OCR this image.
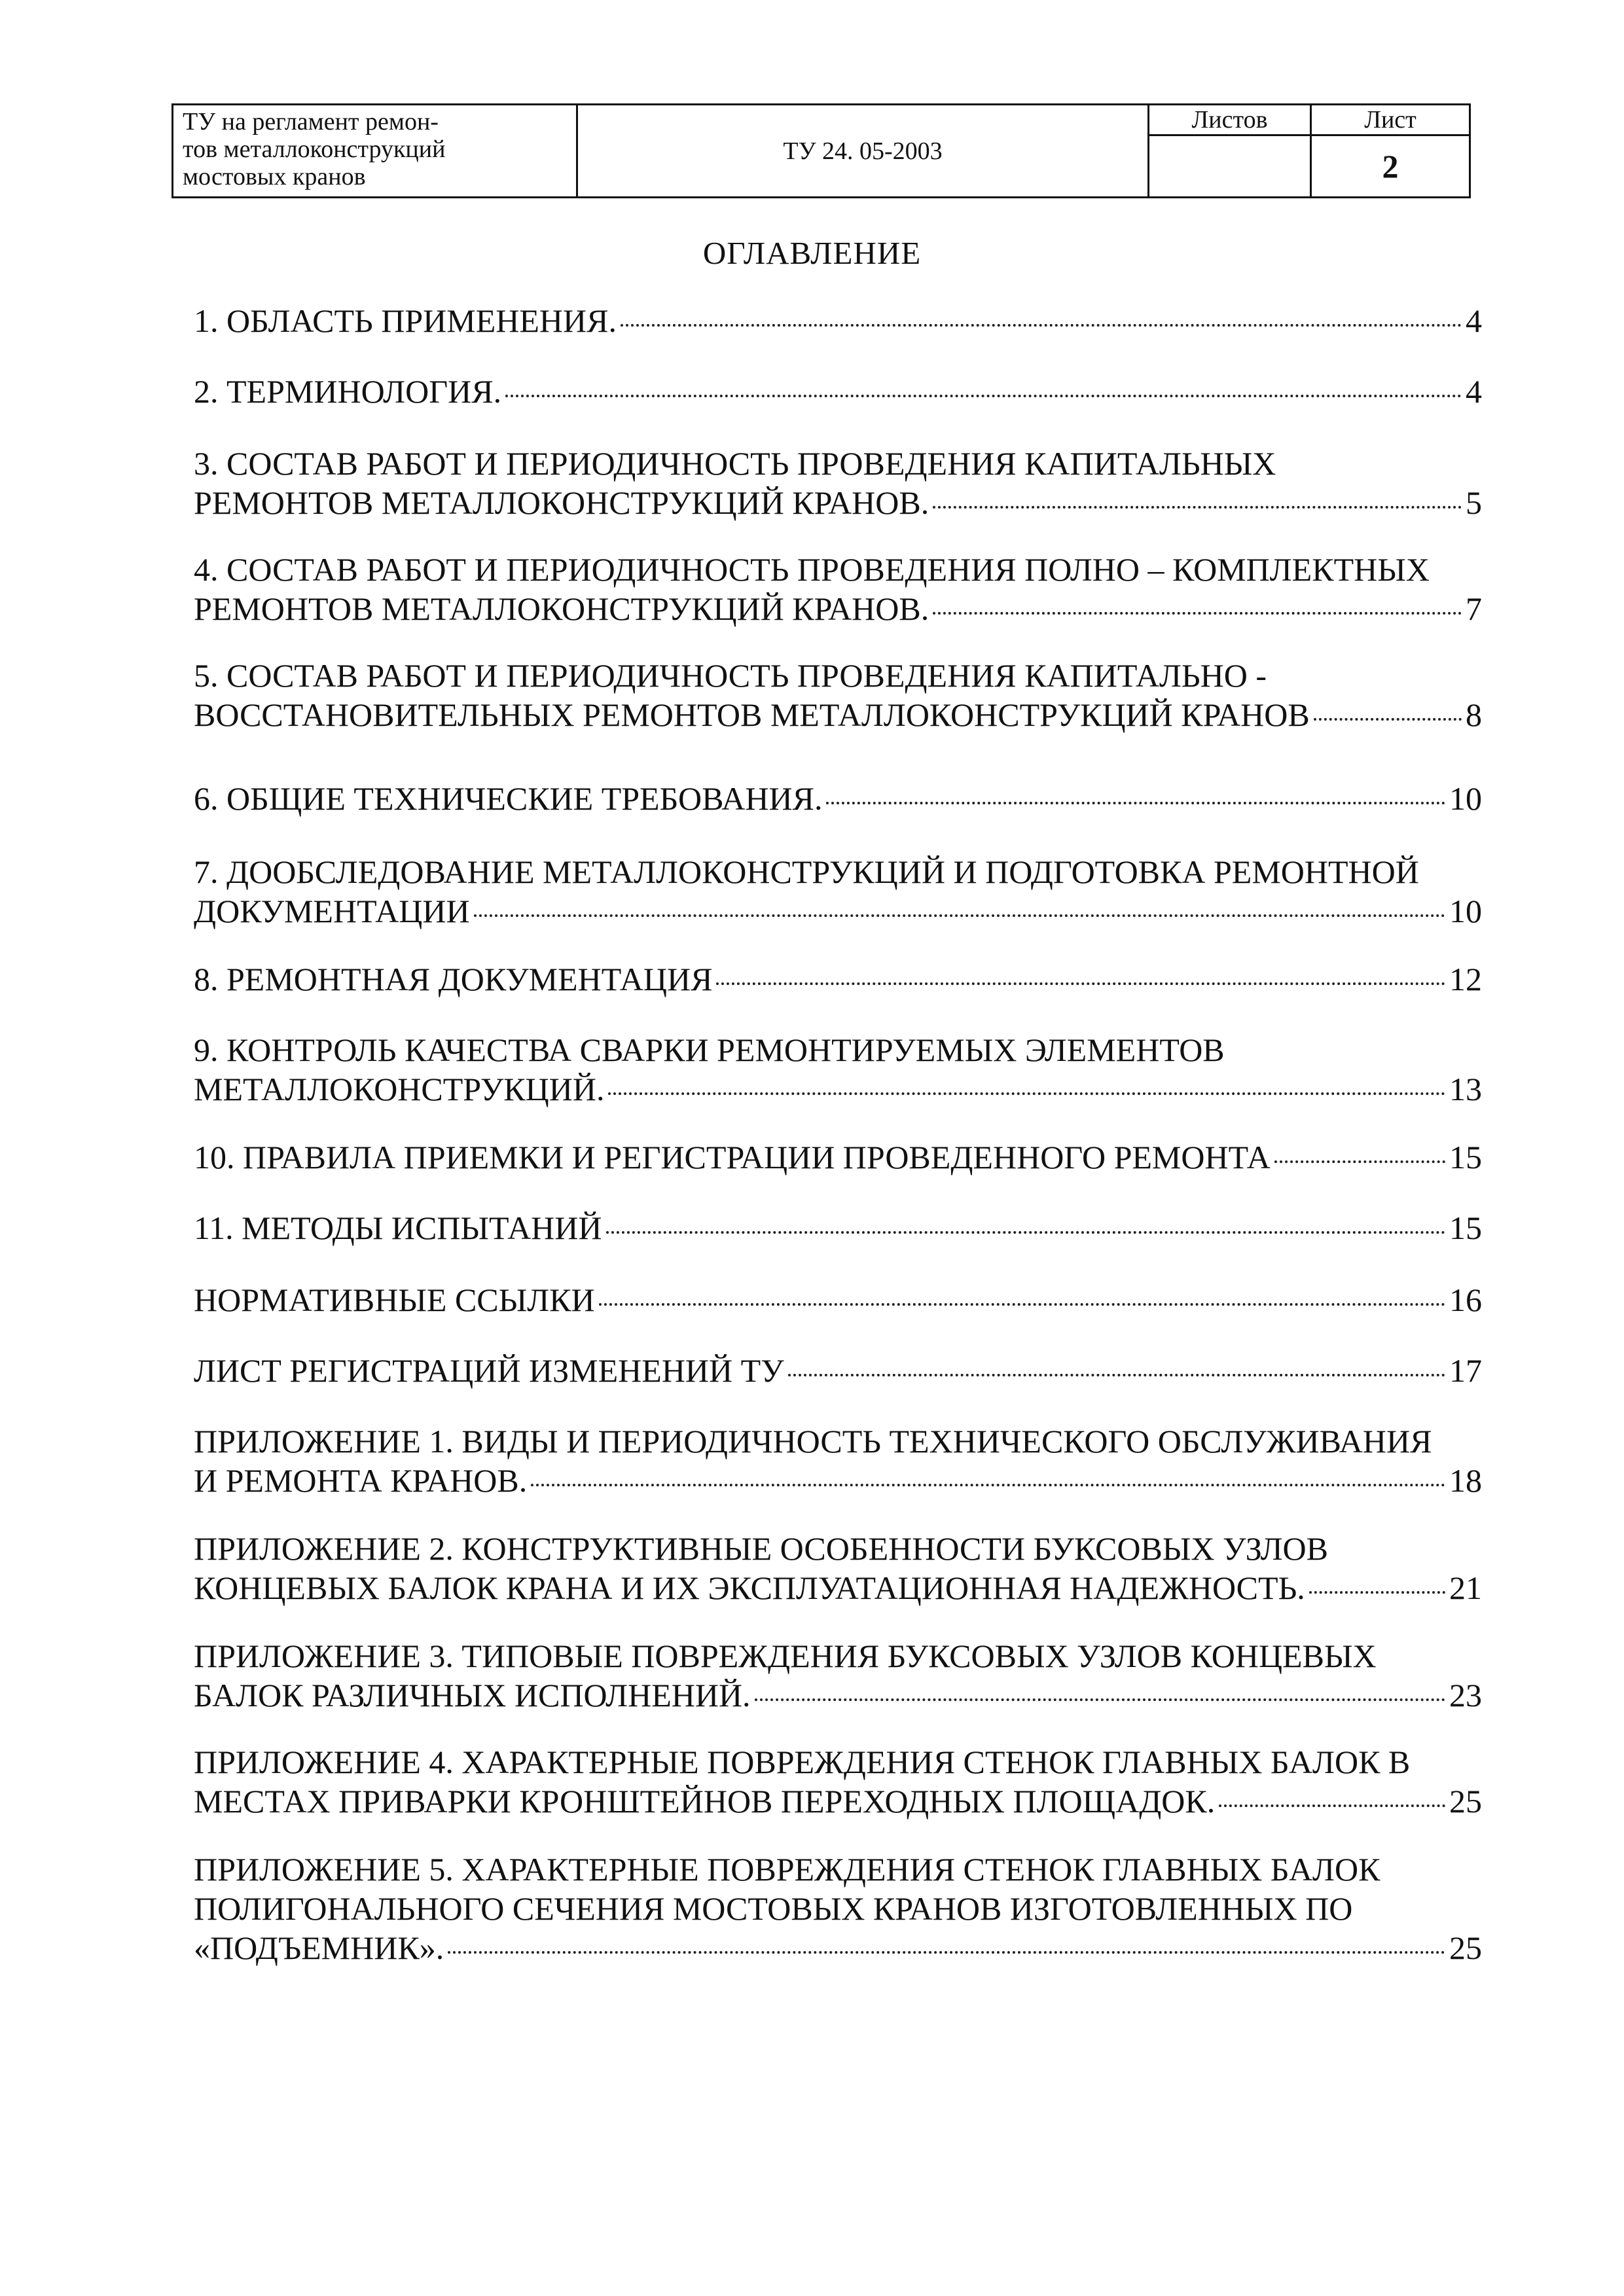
ТУ на регламент ремон-
тов металлоконструкций
мостовых кранов	ТУ 24. 05-2003	Листов	Лист
			2
ОГЛАВЛЕНИЕ
1. ОБЛАСТЬ ПРИМЕНЕНИЯ.	4
2. ТЕРМИНОЛОГИЯ.	4
3. СОСТАВ РАБОТ И ПЕРИОДИЧНОСТЬ ПРОВЕДЕНИЯ КАПИТАЛЬНЫХ
РЕМОНТОВ МЕТАЛЛОКОНСТРУКЦИЙ КРАНОВ.	5
4. СОСТАВ РАБОТ И ПЕРИОДИЧНОСТЬ ПРОВЕДЕНИЯ ПОЛНО – КОМПЛЕКТНЫХ
РЕМОНТОВ МЕТАЛЛОКОНСТРУКЦИЙ КРАНОВ.	7
5. СОСТАВ РАБОТ И ПЕРИОДИЧНОСТЬ ПРОВЕДЕНИЯ КАПИТАЛЬНО -
ВОССТАНОВИТЕЛЬНЫХ РЕМОНТОВ МЕТАЛЛОКОНСТРУКЦИЙ КРАНОВ	8
6. ОБЩИЕ ТЕХНИЧЕСКИЕ ТРЕБОВАНИЯ.	10
7. ДООБСЛЕДОВАНИЕ МЕТАЛЛОКОНСТРУКЦИЙ И ПОДГОТОВКА РЕМОНТНОЙ
ДОКУМЕНТАЦИИ	10
8. РЕМОНТНАЯ ДОКУМЕНТАЦИЯ	12
9. КОНТРОЛЬ КАЧЕСТВА СВАРКИ РЕМОНТИРУЕМЫХ ЭЛЕМЕНТОВ
МЕТАЛЛОКОНСТРУКЦИЙ.	13
10. ПРАВИЛА ПРИЕМКИ И РЕГИСТРАЦИИ ПРОВЕДЕННОГО РЕМОНТА	15
11. МЕТОДЫ ИСПЫТАНИЙ	15
НОРМАТИВНЫЕ ССЫЛКИ	16
ЛИСТ РЕГИСТРАЦИЙ ИЗМЕНЕНИЙ ТУ	17
ПРИЛОЖЕНИЕ 1. ВИДЫ И ПЕРИОДИЧНОСТЬ ТЕХНИЧЕСКОГО ОБСЛУЖИВАНИЯ
И РЕМОНТА КРАНОВ.	18
ПРИЛОЖЕНИЕ 2. КОНСТРУКТИВНЫЕ ОСОБЕННОСТИ БУКСОВЫХ УЗЛОВ
КОНЦЕВЫХ БАЛОК КРАНА И ИХ ЭКСПЛУАТАЦИОННАЯ НАДЕЖНОСТЬ.	21
ПРИЛОЖЕНИЕ 3. ТИПОВЫЕ ПОВРЕЖДЕНИЯ БУКСОВЫХ УЗЛОВ КОНЦЕВЫХ
БАЛОК РАЗЛИЧНЫХ ИСПОЛНЕНИЙ.	23
ПРИЛОЖЕНИЕ 4. ХАРАКТЕРНЫЕ ПОВРЕЖДЕНИЯ СТЕНОК ГЛАВНЫХ БАЛОК В
МЕСТАХ ПРИВАРКИ КРОНШТЕЙНОВ ПЕРЕХОДНЫХ ПЛОЩАДОК.	25
ПРИЛОЖЕНИЕ 5. ХАРАКТЕРНЫЕ ПОВРЕЖДЕНИЯ СТЕНОК ГЛАВНЫХ БАЛОК
ПОЛИГОНАЛЬНОГО СЕЧЕНИЯ МОСТОВЫХ КРАНОВ ИЗГОТОВЛЕННЫХ ПО
«ПОДЪЕМНИК».	25
